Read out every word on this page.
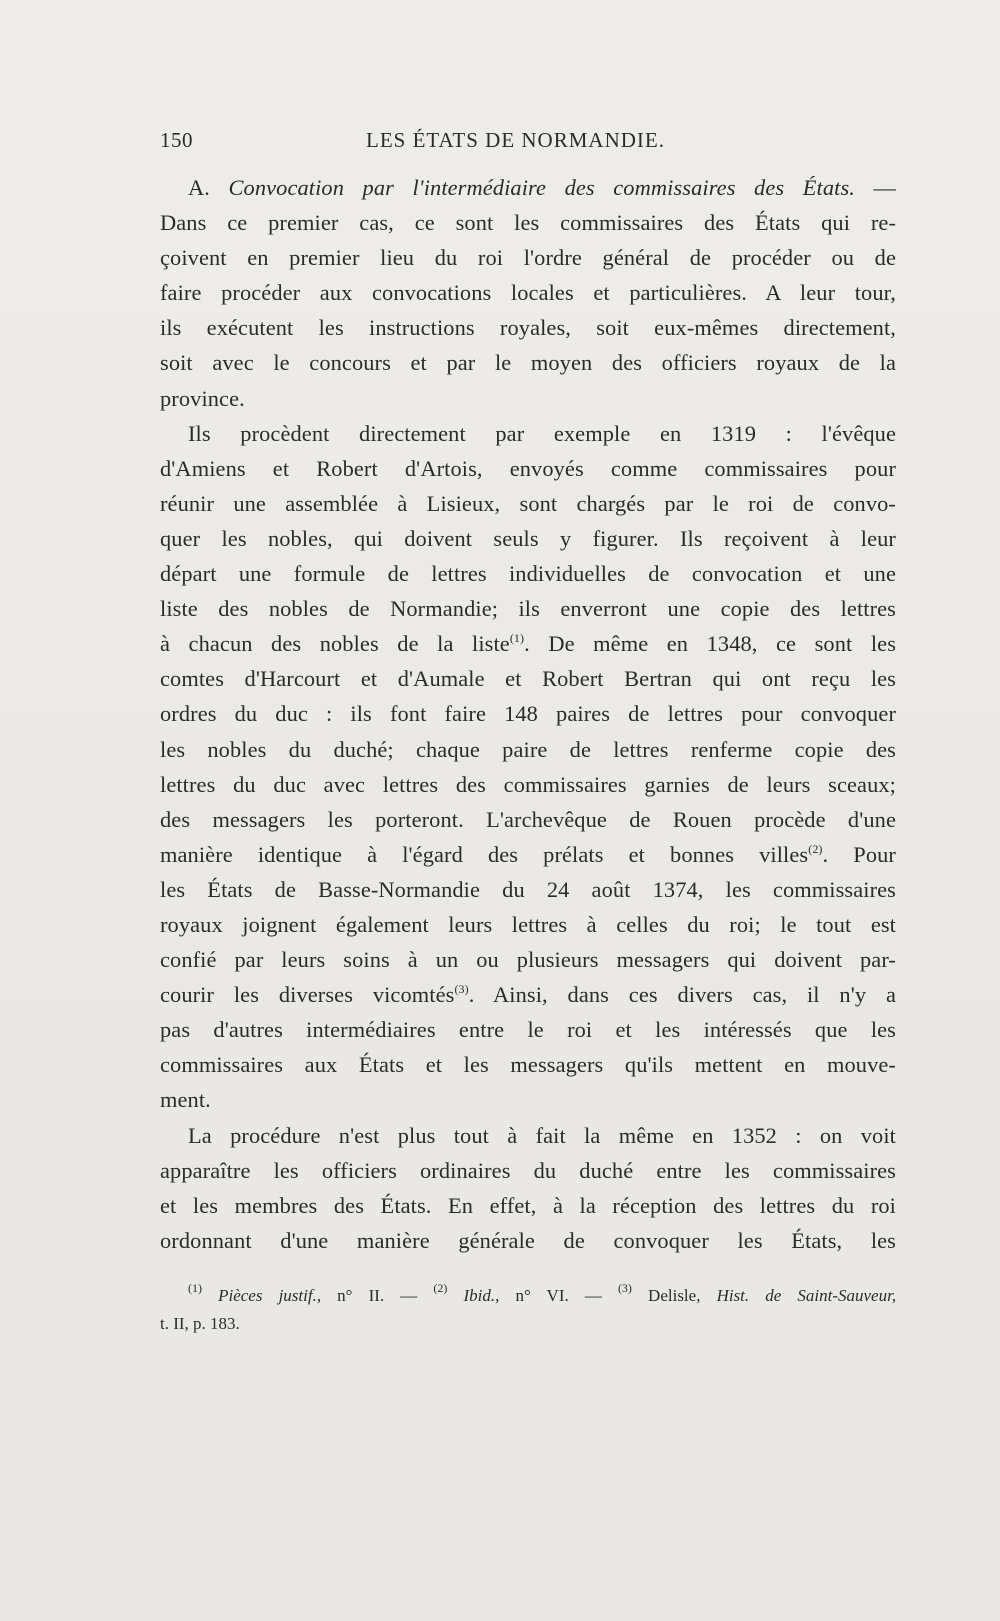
150	LES ÉTATS DE NORMANDIE.
A. Convocation par l'intermédiaire des commissaires des États. —
Dans ce premier cas, ce sont les commissaires des États qui re-
çoivent en premier lieu du roi l'ordre général de procéder ou de
faire procéder aux convocations locales et particulières. A leur tour,
ils exécutent les instructions royales, soit eux-mêmes directement,
soit avec le concours et par le moyen des officiers royaux de la
province.
Ils procèdent directement par exemple en 1319 : l'évêque
d'Amiens et Robert d'Artois, envoyés comme commissaires pour
réunir une assemblée à Lisieux, sont chargés par le roi de convo-
quer les nobles, qui doivent seuls y figurer. Ils reçoivent à leur
départ une formule de lettres individuelles de convocation et une
liste des nobles de Normandie; ils enverront une copie des lettres
à chacun des nobles de la liste$^{(1)}$. De même en 1348, ce sont les
comtes d'Harcourt et d'Aumale et Robert Bertran qui ont reçu les
ordres du duc : ils font faire 148 paires de lettres pour convoquer
les nobles du duché; chaque paire de lettres renferme copie des
lettres du duc avec lettres des commissaires garnies de leurs sceaux;
des messagers les porteront. L'archevêque de Rouen procède d'une
manière identique à l'égard des prélats et bonnes villes$^{(2)}$. Pour
les États de Basse-Normandie du 24 août 1374, les commissaires
royaux joignent également leurs lettres à celles du roi; le tout est
confié par leurs soins à un ou plusieurs messagers qui doivent par-
courir les diverses vicomtés$^{(3)}$. Ainsi, dans ces divers cas, il n'y a
pas d'autres intermédiaires entre le roi et les intéressés que les
commissaires aux États et les messagers qu'ils mettent en mouve-
ment.
La procédure n'est plus tout à fait la même en 1352 : on voit
apparaître les officiers ordinaires du duché entre les commissaires
et les membres des États. En effet, à la réception des lettres du roi
ordonnant d'une manière générale de convoquer les États, les
$^{(1)}$ Pièces justif., n° II. — $^{(2)}$ Ibid., n° VI. — $^{(3)}$ Delisle, Hist. de Saint-Sauveur,
t. II, p. 183.
